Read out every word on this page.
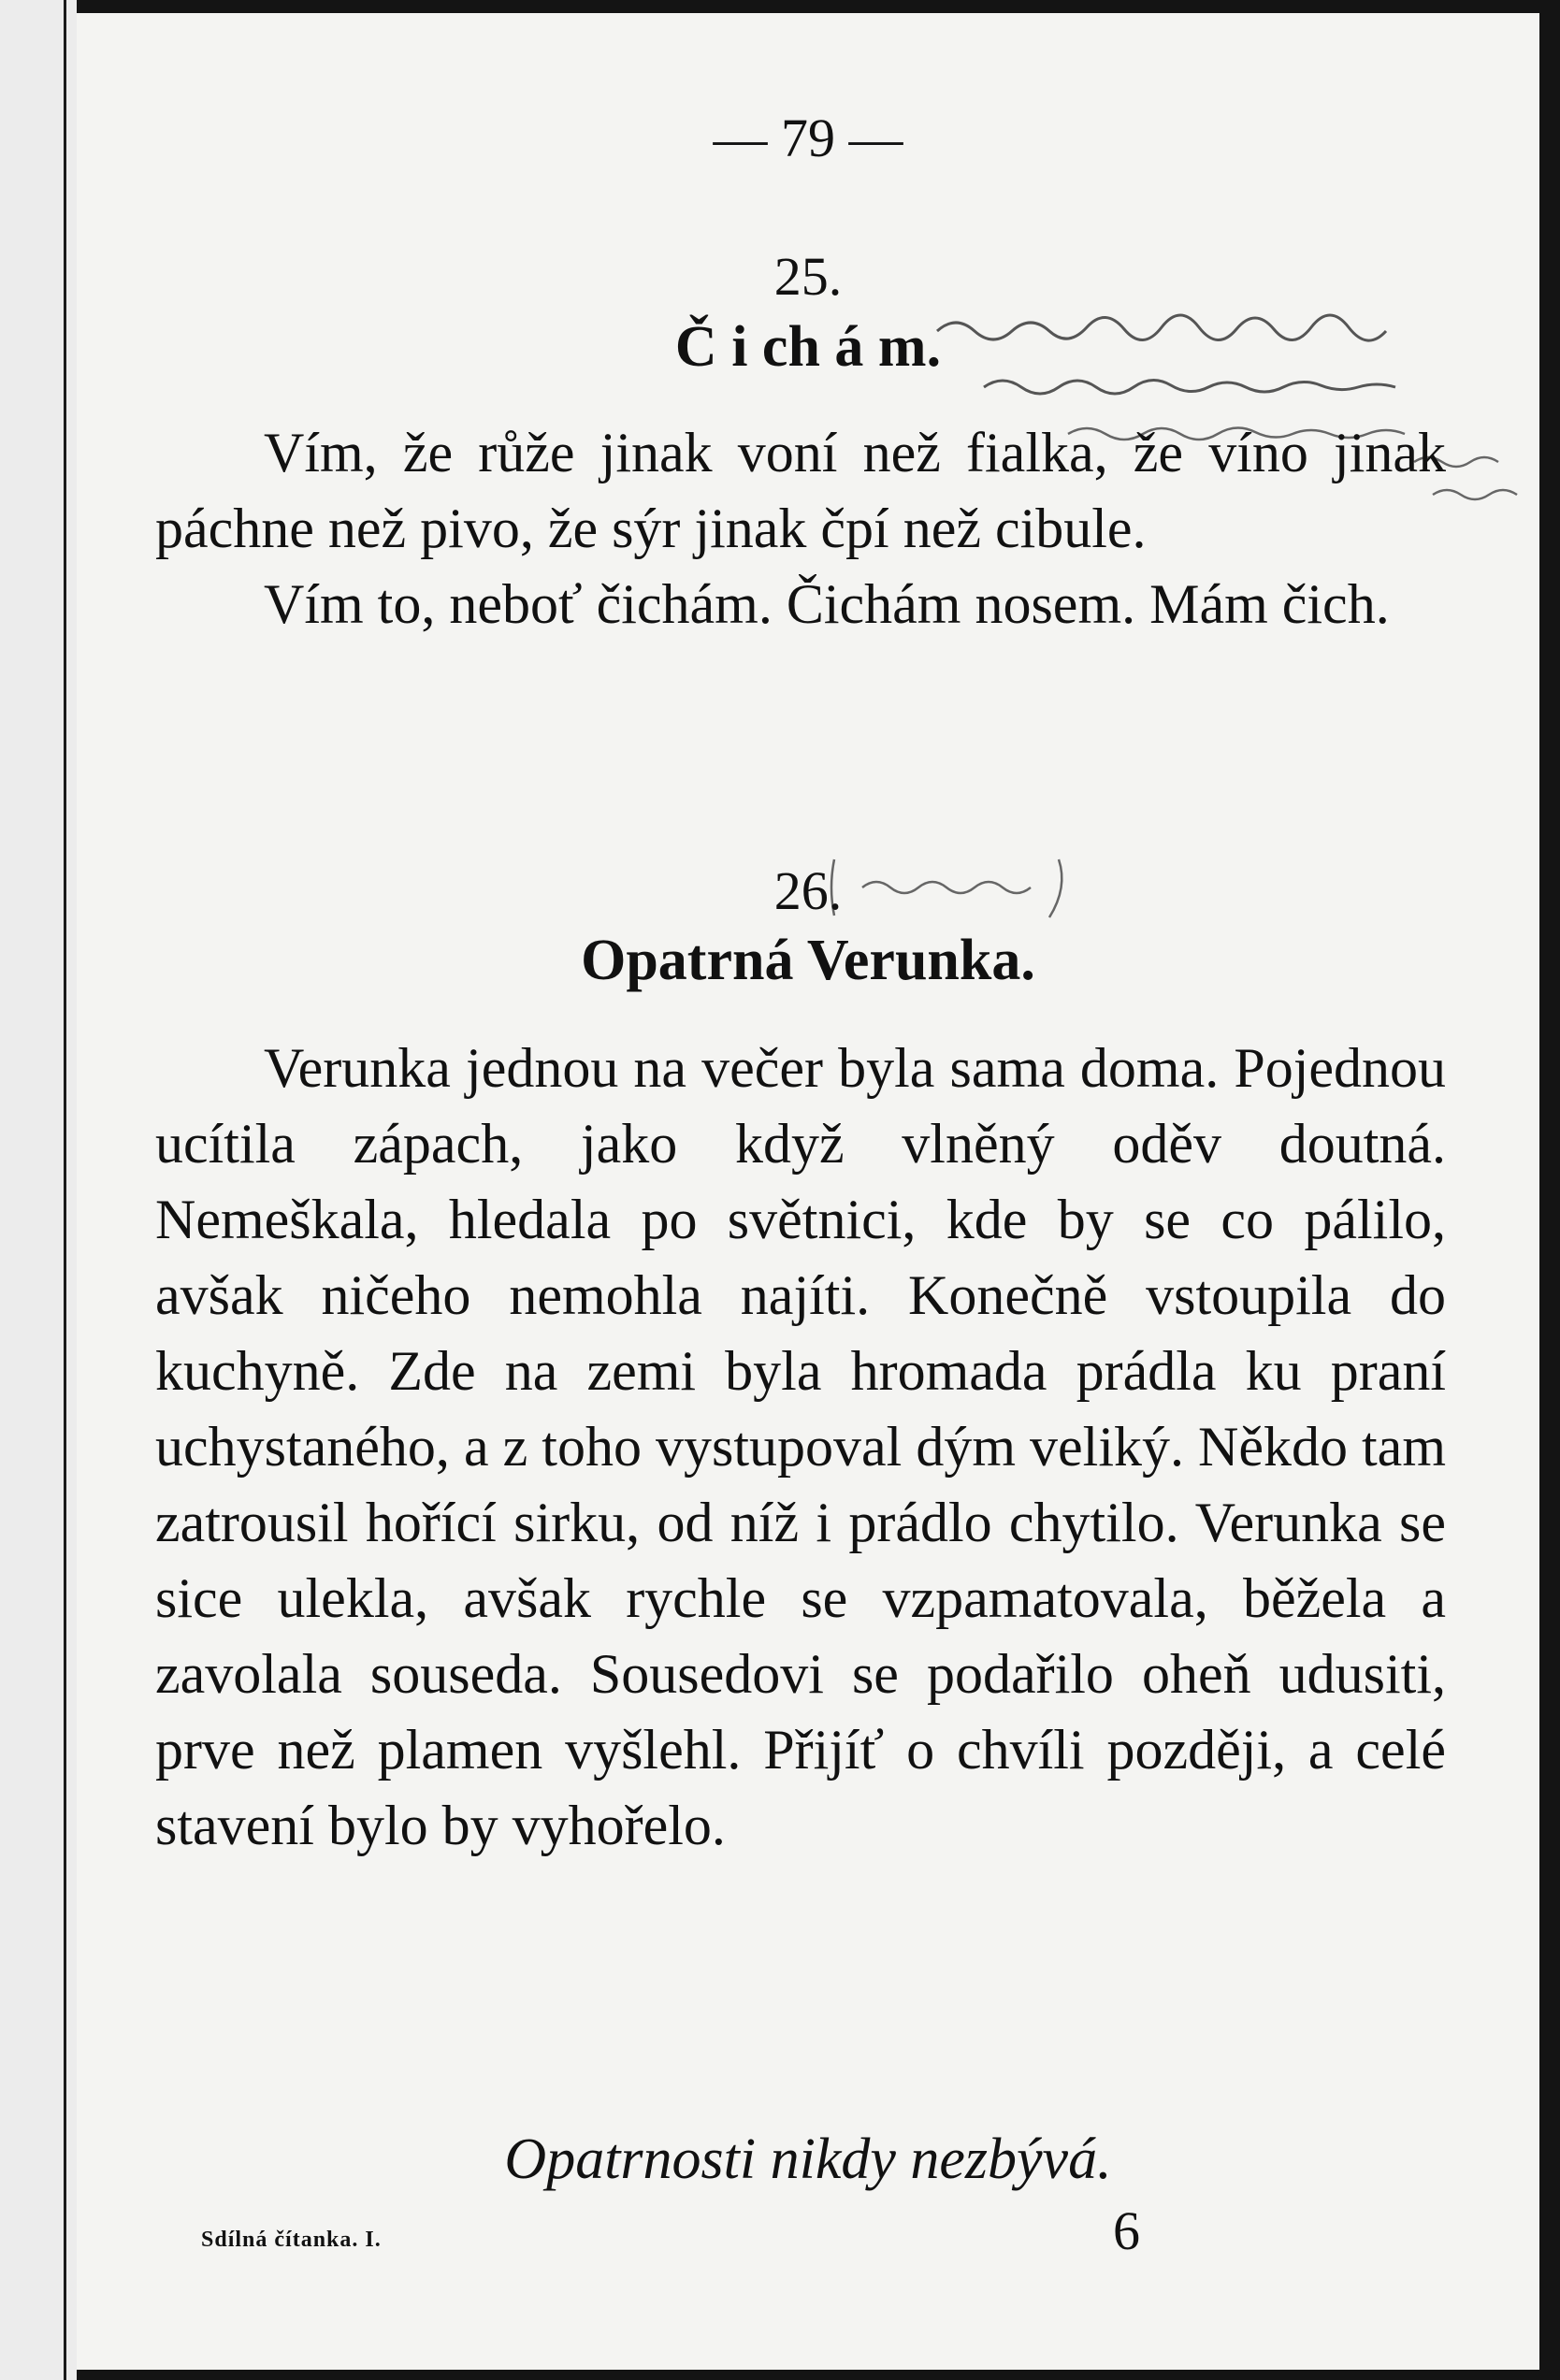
— 79 —
25.
Č i ch á m.

Vím, že růže jinak voní než fialka, že víno jinak páchne než pivo, že sýr jinak čpí než cibule.

Vím to, neboť čichám. Čichám nosem. Mám čich.

26.
Opatrná Verunka.

Verunka jednou na večer byla sama doma. Pojednou ucítila zápach, jako když vlněný oděv doutná. Nemeškala, hledala po světnici, kde by se co pálilo, avšak ničeho nemohla najíti. Konečně vstoupila do kuchyně. Zde na zemi byla hromada prádla ku praní uchystaného, a z toho vystupoval dým veliký. Někdo tam zatrousil hořící sirku, od níž i prádlo chytilo. Verunka se sice ulekla, avšak rychle se vzpamatovala, běžela a zavolala souseda. Sousedovi se podařilo oheň udusiti, prve než plamen vyšlehl. Přijíť o chvíli později, a celé stavení bylo by vyhořelo.

Opatrnosti nikdy nezbývá.
Sdílná čítanka. I.	6
